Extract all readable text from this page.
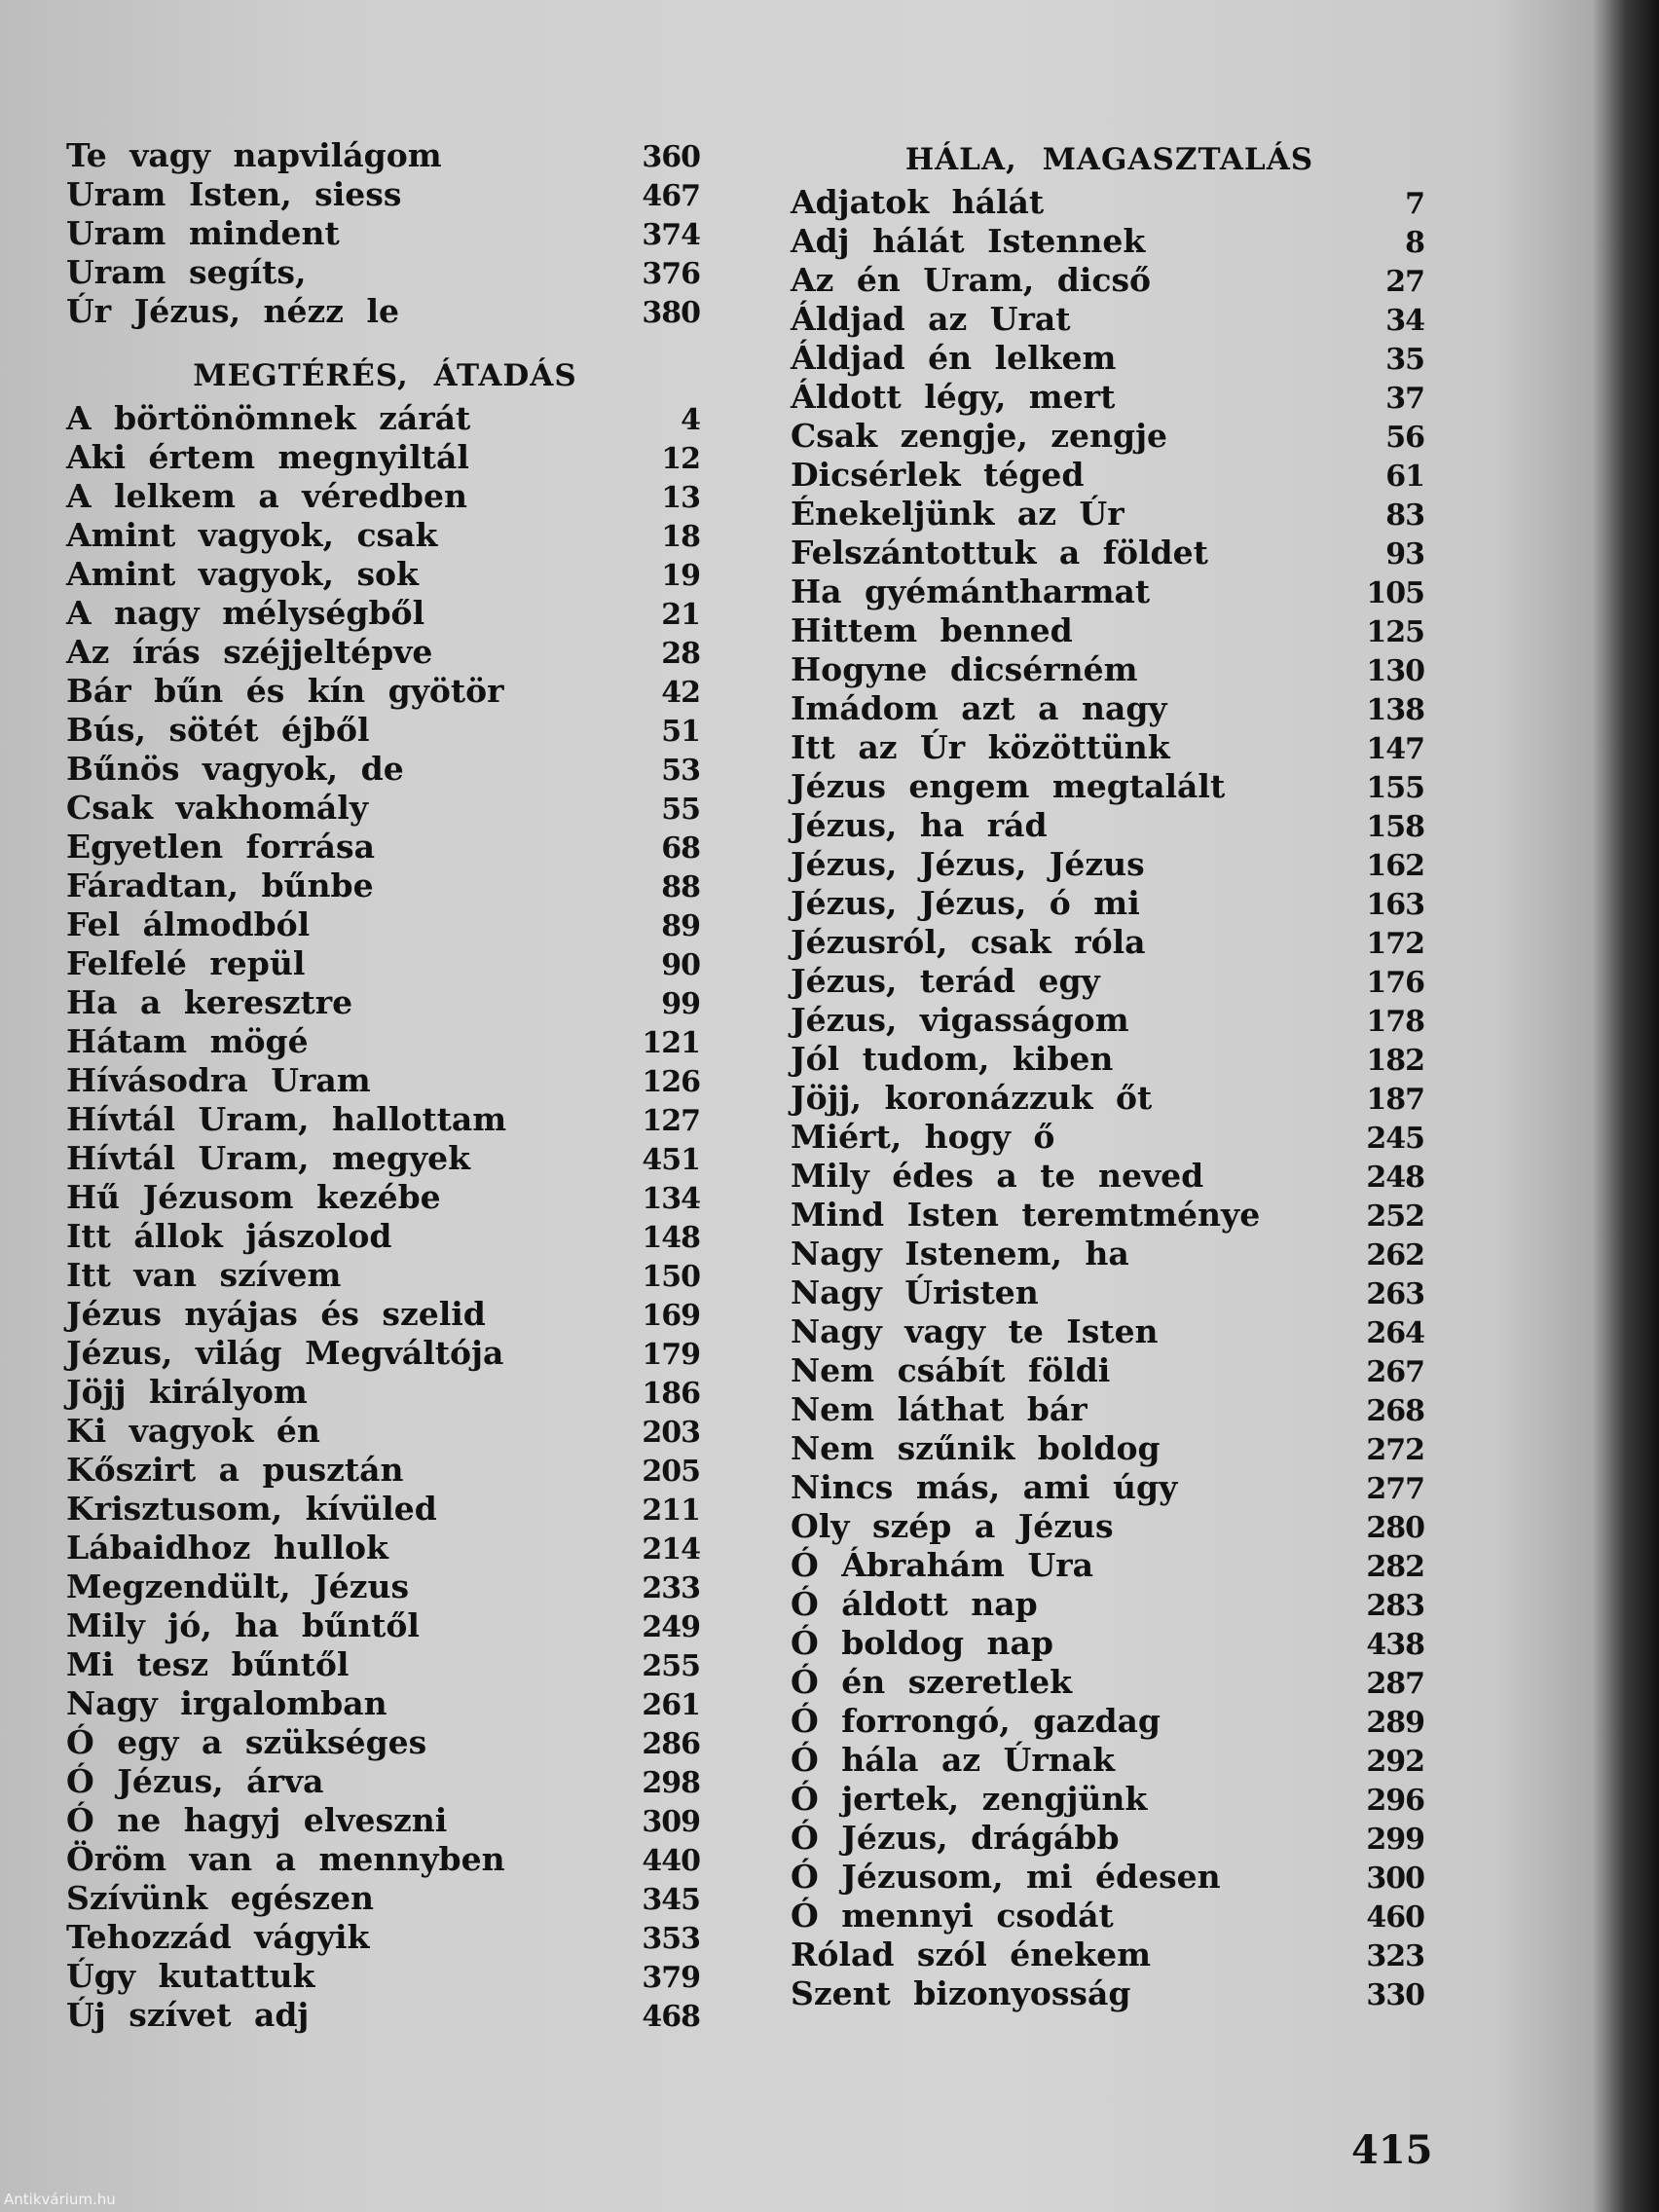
Te vagy napvilágom	360
Uram Isten, siess	467
Uram mindent	374
Uram segíts,	376
Úr Jézus, nézz le	380
MEGTÉRÉS, ÁTADÁS
A börtönömnek zárát	4
Aki értem megnyiltál	12
A lelkem a véredben	13
Amint vagyok, csak	18
Amint vagyok, sok	19
A nagy mélységből	21
Az írás széjjeltépve	28
Bár bűn és kín gyötör	42
Bús, sötét éjből	51
Bűnös vagyok, de	53
Csak vakhomály	55
Egyetlen forrása	68
Fáradtan, bűnbe	88
Fel álmodból	89
Felfelé repül	90
Ha a keresztre	99
Hátam mögé	121
Hívásodra Uram	126
Hívtál Uram, hallottam	127
Hívtál Uram, megyek	451
Hű Jézusom kezébe	134
Itt állok jászolod	148
Itt van szívem	150
Jézus nyájas és szelid	169
Jézus, világ Megváltója	179
Jöjj királyom	186
Ki vagyok én	203
Kőszirt a pusztán	205
Krisztusom, kívüled	211
Lábaidhoz hullok	214
Megzendült, Jézus	233
Mily jó, ha bűntől	249
Mi tesz bűntől	255
Nagy irgalomban	261
Ó egy a szükséges	286
Ó Jézus, árva	298
Ó ne hagyj elveszni	309
Öröm van a mennyben	440
Szívünk egészen	345
Tehozzád vágyik	353
Úgy kutattuk	379
Új szívet adj	468
HÁLA, MAGASZTALÁS
Adjatok hálát	7
Adj hálát Istennek	8
Az én Uram, dicső	27
Áldjad az Urat	34
Áldjad én lelkem	35
Áldott légy, mert	37
Csak zengje, zengje	56
Dicsérlek téged	61
Énekeljünk az Úr	83
Felszántottuk a földet	93
Ha gyémántharmat	105
Hittem benned	125
Hogyne dicsérném	130
Imádom azt a nagy	138
Itt az Úr közöttünk	147
Jézus engem megtalált	155
Jézus, ha rád	158
Jézus, Jézus, Jézus	162
Jézus, Jézus, ó mi	163
Jézusról, csak róla	172
Jézus, terád egy	176
Jézus, vigasságom	178
Jól tudom, kiben	182
Jöjj, koronázzuk őt	187
Miért, hogy ő	245
Mily édes a te neved	248
Mind Isten teremtménye	252
Nagy Istenem, ha	262
Nagy Úristen	263
Nagy vagy te Isten	264
Nem csábít földi	267
Nem láthat bár	268
Nem szűnik boldog	272
Nincs más, ami úgy	277
Oly szép a Jézus	280
Ó Ábrahám Ura	282
Ó áldott nap	283
Ó boldog nap	438
Ó én szeretlek	287
Ó forrongó, gazdag	289
Ó hála az Úrnak	292
Ó jertek, zengjünk	296
Ó Jézus, drágább	299
Ó Jézusom, mi édesen	300
Ó mennyi csodát	460
Rólad szól énekem	323
Szent bizonyosság	330
415
Antikvárium.hu
